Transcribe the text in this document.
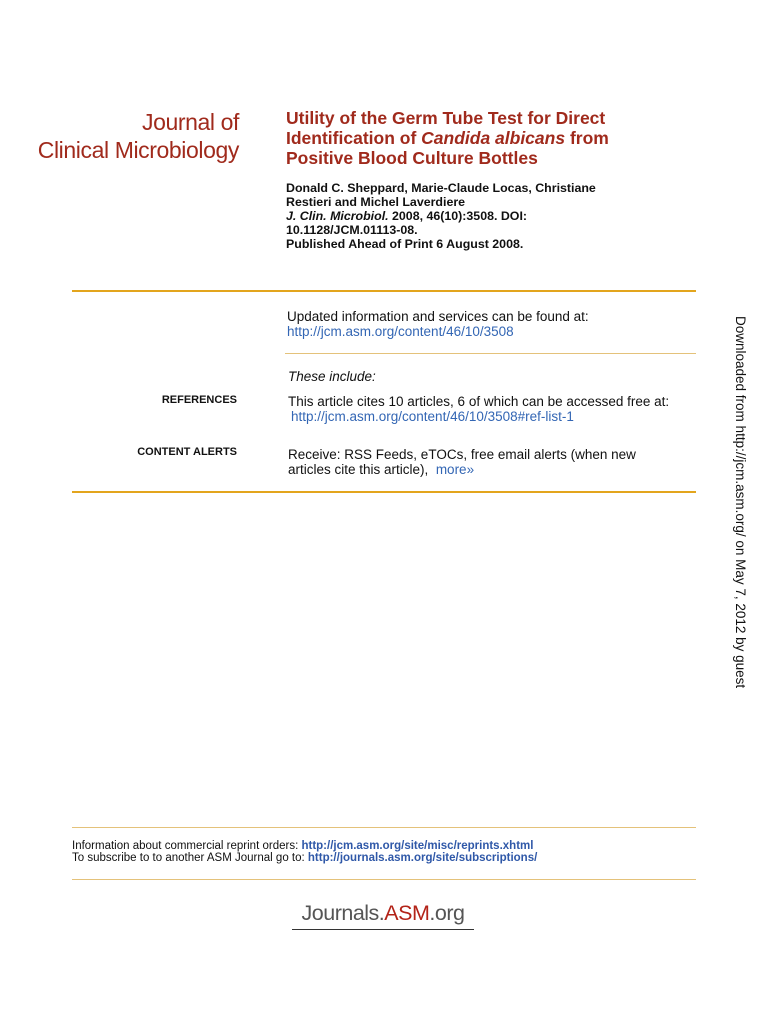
Journal of
Clinical Microbiology
Utility of the Germ Tube Test for Direct
Identification of Candida albicans from
Positive Blood Culture Bottles
Donald C. Sheppard, Marie-Claude Locas, Christiane
Restieri and Michel Laverdiere
J. Clin. Microbiol. 2008, 46(10):3508. DOI:
10.1128/JCM.01113-08.
Published Ahead of Print 6 August 2008.
Updated information and services can be found at:
http://jcm.asm.org/content/46/10/3508
These include:
REFERENCES	This article cites 10 articles, 6 of which can be accessed free at:
http://jcm.asm.org/content/46/10/3508#ref-list-1
CONTENT ALERTS	Receive: RSS Feeds, eTOCs, free email alerts (when new
articles cite this article), more»
Information about commercial reprint orders: http://jcm.asm.org/site/misc/reprints.xhtml
To subscribe to to another ASM Journal go to: http://journals.asm.org/site/subscriptions/
Journals.ASM.org
Downloaded from http://jcm.asm.org/ on May 7, 2012 by guest
